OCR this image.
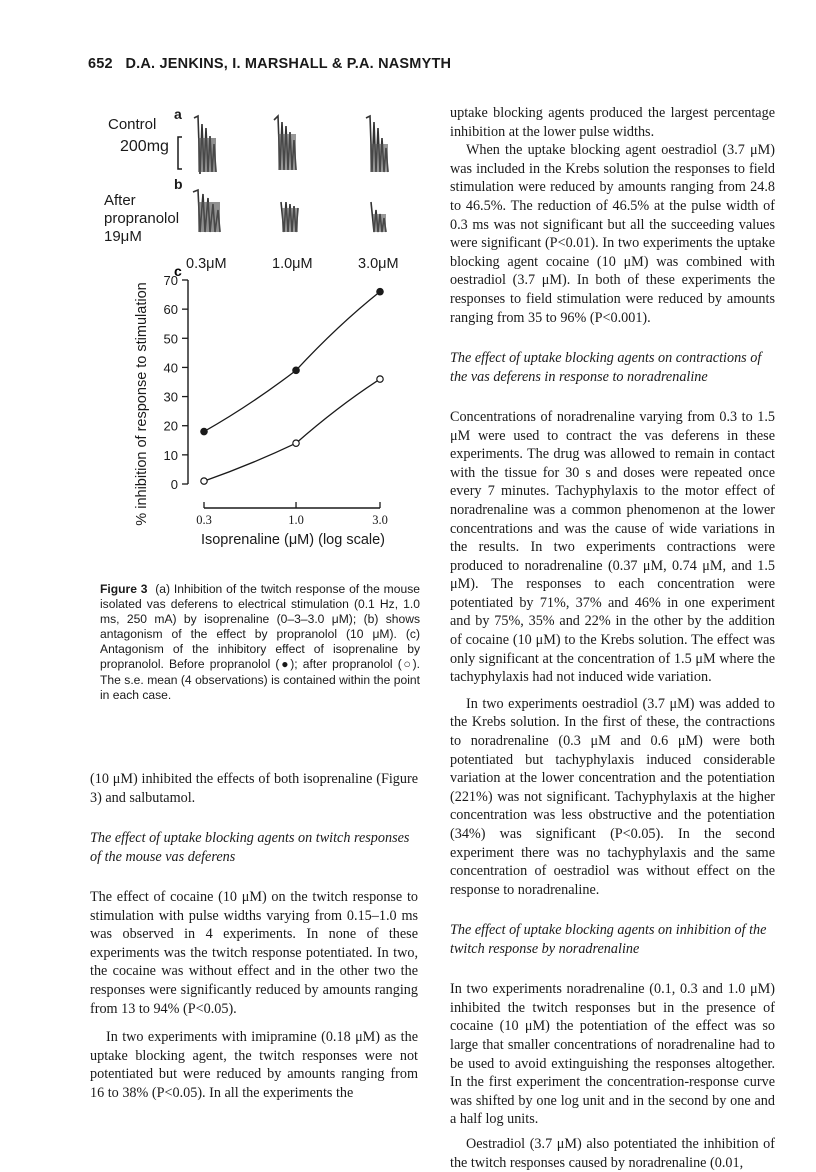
652 D.A. JENKINS, I. MARSHALL & P.A. NASMYTH
a
Control
200mg
b
After
propranolol
19μM
0.3μM	1.0μM	3.0μM
c
0
10
20
30
40
50
60
70
0.3	1.0	3.0
Isoprenaline (μM) (log scale)
% inhibition of response to stimulation
Figure 3 (a) Inhibition of the twitch response of the mouse isolated vas deferens to electrical stimulation (0.1 Hz, 1.0 ms, 250 mA) by isoprenaline (0–3–3.0 μM); (b) shows antagonism of the effect by propranolol (10 μM). (c) Antagonism of the inhibitory effect of isoprenaline by propranolol. Before propranolol (●); after propranolol (○). The s.e. mean (4 observations) is contained within the point in each case.

(10 μM) inhibited the effects of both isoprenaline (Figure 3) and salbutamol.

The effect of uptake blocking agents on twitch responses of the mouse vas deferens

The effect of cocaine (10 μM) on the twitch response to stimulation with pulse widths varying from 0.15–1.0 ms was observed in 4 experiments. In none of these experiments was the twitch response potentiated. In two, the cocaine was without effect and in the other two the responses were significantly reduced by amounts ranging from 13 to 94% (P<0.05).

In two experiments with imipramine (0.18 μM) as the uptake blocking agent, the twitch responses were not potentiated but were reduced by amounts ranging from 16 to 38% (P<0.05). In all the experiments the

uptake blocking agents produced the largest percentage inhibition at the lower pulse widths.

When the uptake blocking agent oestradiol (3.7 μM) was included in the Krebs solution the responses to field stimulation were reduced by amounts ranging from 24.8 to 46.5%. The reduction of 46.5% at the pulse width of 0.3 ms was not significant but all the succeeding values were significant (P<0.01). In two experiments the uptake blocking agent cocaine (10 μM) was combined with oestradiol (3.7 μM). In both of these experiments the responses to field stimulation were reduced by amounts ranging from 35 to 96% (P<0.001).

The effect of uptake blocking agents on contractions of the vas deferens in response to noradrenaline

Concentrations of noradrenaline varying from 0.3 to 1.5 μM were used to contract the vas deferens in these experiments. The drug was allowed to remain in contact with the tissue for 30 s and doses were repeated once every 7 minutes. Tachyphylaxis to the motor effect of noradrenaline was a common phenomenon at the lower concentrations and was the cause of wide variations in the results. In two experiments contractions were produced to noradrenaline (0.37 μM, 0.74 μM, and 1.5 μM). The responses to each concentration were potentiated by 71%, 37% and 46% in one experiment and by 75%, 35% and 22% in the other by the addition of cocaine (10 μM) to the Krebs solution. The effect was only significant at the concentration of 1.5 μM where the tachyphylaxis had not induced wide variation.

In two experiments oestradiol (3.7 μM) was added to the Krebs solution. In the first of these, the contractions to noradrenaline (0.3 μM and 0.6 μM) were both potentiated but tachyphylaxis induced considerable variation at the lower concentration and the potentiation (221%) was not significant. Tachyphylaxis at the higher concentration was less obstructive and the potentiation (34%) was significant (P<0.05). In the second experiment there was no tachyphylaxis and the same concentration of oestradiol was without effect on the response to noradrenaline.

The effect of uptake blocking agents on inhibition of the twitch response by noradrenaline

In two experiments noradrenaline (0.1, 0.3 and 1.0 μM) inhibited the twitch responses but in the presence of cocaine (10 μM) the potentiation of the effect was so large that smaller concentrations of noradrenaline had to be used to avoid extinguishing the responses altogether. In the first experiment the concentration-response curve was shifted by one log unit and in the second by one and a half log units.

Oestradiol (3.7 μM) also potentiated the inhibition of the twitch responses caused by noradrenaline (0.01,
